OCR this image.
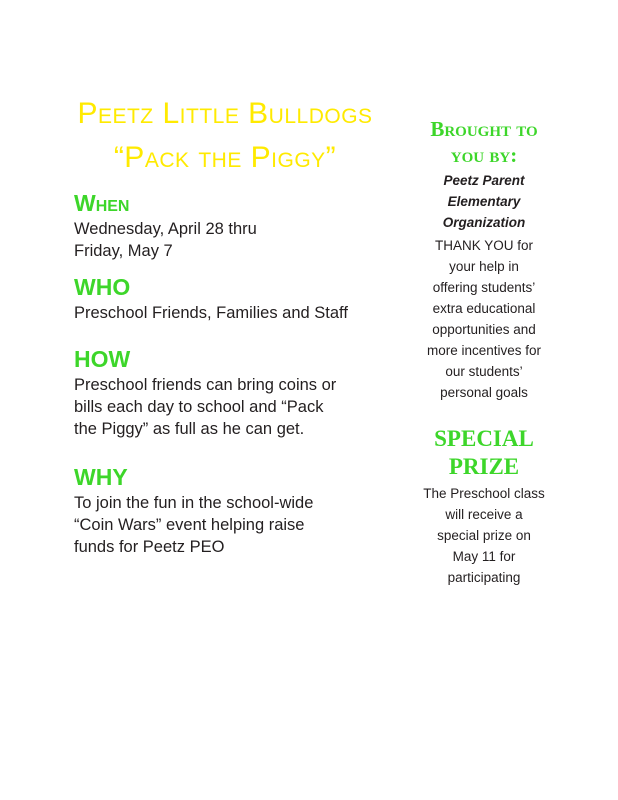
Peetz Little Bulldogs
“Pack the Piggy”

When

Wednesday, April 28 thru
Friday, May 7

WHO

Preschool Friends, Families and Staff

HOW

Preschool friends can bring coins or
bills each day to school and “Pack
the Piggy” as full as he can get.

WHY

To join the fun in the school-wide
“Coin Wars” event helping raise
funds for Peetz PEO

Brought to
you by:

Peetz Parent
Elementary
Organization

THANK YOU for
your help in
offering students’
extra educational
opportunities and
more incentives for
our students’
personal goals

SPECIAL
PRIZE

The Preschool class
will receive a
special prize on
May 11 for
participating
